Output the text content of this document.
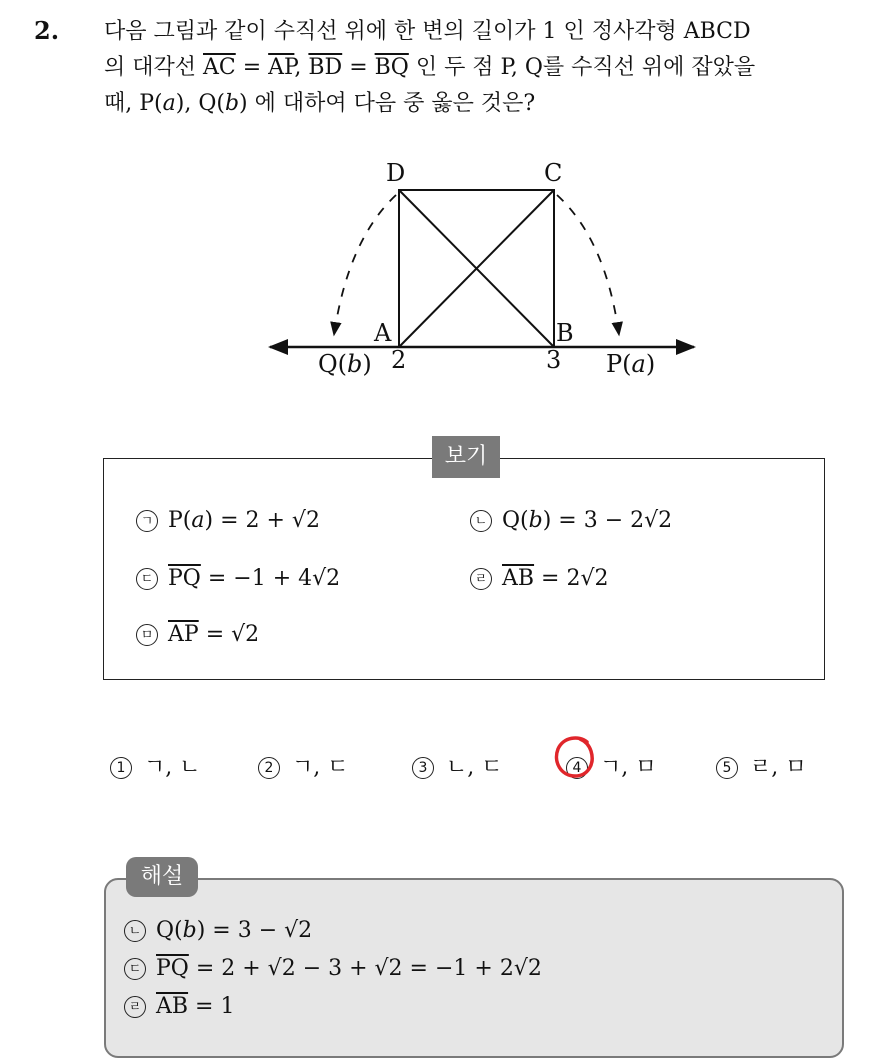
2. 다음 그림과 같이 수직선 위에 한 변의 길이가 1 인 정사각형 ABCD
의 대각선 $\overline{AC} = \overline{AP}$, $\overline{BD} = \overline{BQ}$ 인 두 점 P, Q를 수직선 위에 잡았을
때, P(a), Q(b) 에 대하여 다음 중 옳은 것은?
D	C
A	B
2	3
Q(b)	P(a)
보기
ㄱ P(a) = 2 + √2	ㄴ Q(b) = 3 − 2√2
ㄷ $\overline{PQ} = -1 + 4√2$	ㄹ $\overline{AB} = 2√2$
ㅁ $\overline{AP} = √2$
1 ㄱ, ㄴ	2 ㄱ, ㄷ	3 ㄴ, ㄷ	4 ㄱ, ㅁ	5 ㄹ, ㅁ
해설
ㄴ Q(b) = 3 − √2
ㄷ $\overline{PQ} = 2 + √2 - 3 + √2 = -1 + 2√2$
ㄹ $\overline{AB} = 1$
